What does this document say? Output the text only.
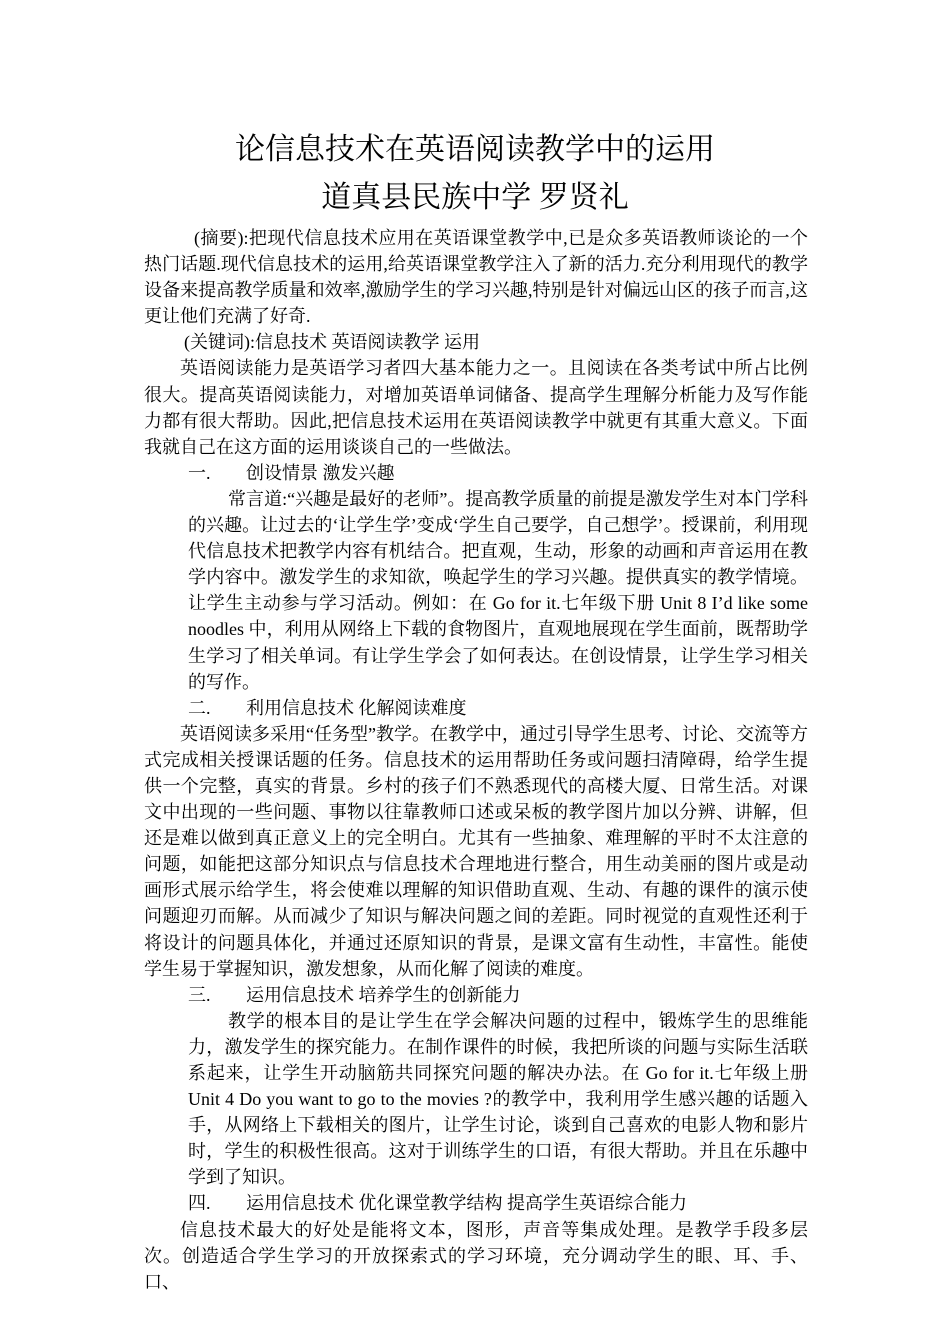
论信息技术在英语阅读教学中的运用
道真县民族中学 罗贤礼

(摘要):把现代信息技术应用在英语课堂教学中,已是众多英语教师谈论的一个热门话题.现代信息技术的运用,给英语课堂教学注入了新的活力.充分利用现代的教学设备来提高教学质量和效率,激励学生的学习兴趣,特别是针对偏远山区的孩子而言,这更让他们充满了好奇.

(关键词):信息技术 英语阅读教学 运用

英语阅读能力是英语学习者四大基本能力之一。且阅读在各类考试中所占比例很大。提高英语阅读能力，对增加英语单词储备、提高学生理解分析能力及写作能力都有很大帮助。因此,把信息技术运用在英语阅读教学中就更有其重大意义。下面我就自己在这方面的运用谈谈自己的一些做法。

一. 创设情景 激发兴趣

常言道:“兴趣是最好的老师”。提高教学质量的前提是激发学生对本门学科的兴趣。让过去的‘让学生学’变成‘学生自己要学，自己想学’。授课前，利用现代信息技术把教学内容有机结合。把直观，生动，形象的动画和声音运用在教学内容中。激发学生的求知欲，唤起学生的学习兴趣。提供真实的教学情境。让学生主动参与学习活动。例如：在 Go for it.七年级下册 Unit 8 I’d like some noodles 中，利用从网络上下载的食物图片，直观地展现在学生面前，既帮助学生学习了相关单词。有让学生学会了如何表达。在创设情景，让学生学习相关的写作。

二. 利用信息技术 化解阅读难度

英语阅读多采用“任务型”教学。在教学中，通过引导学生思考、讨论、交流等方式完成相关授课话题的任务。信息技术的运用帮助任务或问题扫清障碍，给学生提供一个完整，真实的背景。乡村的孩子们不熟悉现代的高楼大厦、日常生活。对课文中出现的一些问题、事物以往靠教师口述或呆板的教学图片加以分辨、讲解，但还是难以做到真正意义上的完全明白。尤其有一些抽象、难理解的平时不太注意的问题，如能把这部分知识点与信息技术合理地进行整合，用生动美丽的图片或是动画形式展示给学生，将会使难以理解的知识借助直观、生动、有趣的课件的演示使问题迎刃而解。从而减少了知识与解决问题之间的差距。同时视觉的直观性还利于将设计的问题具体化，并通过还原知识的背景，是课文富有生动性，丰富性。能使学生易于掌握知识，激发想象，从而化解了阅读的难度。

三. 运用信息技术 培养学生的创新能力

教学的根本目的是让学生在学会解决问题的过程中，锻炼学生的思维能力，激发学生的探究能力。在制作课件的时候，我把所谈的问题与实际生活联系起来，让学生开动脑筋共同探究问题的解决办法。在 Go for it.七年级上册 Unit 4 Do you want to go to the movies ?的教学中，我利用学生感兴趣的话题入手，从网络上下载相关的图片，让学生讨论，谈到自己喜欢的电影人物和影片时，学生的积极性很高。这对于训练学生的口语，有很大帮助。并且在乐趣中学到了知识。

四. 运用信息技术 优化课堂教学结构 提高学生英语综合能力

信息技术最大的好处是能将文本，图形，声音等集成处理。是教学手段多层次。创造适合学生学习的开放探索式的学习环境，充分调动学生的眼、耳、手、口、
